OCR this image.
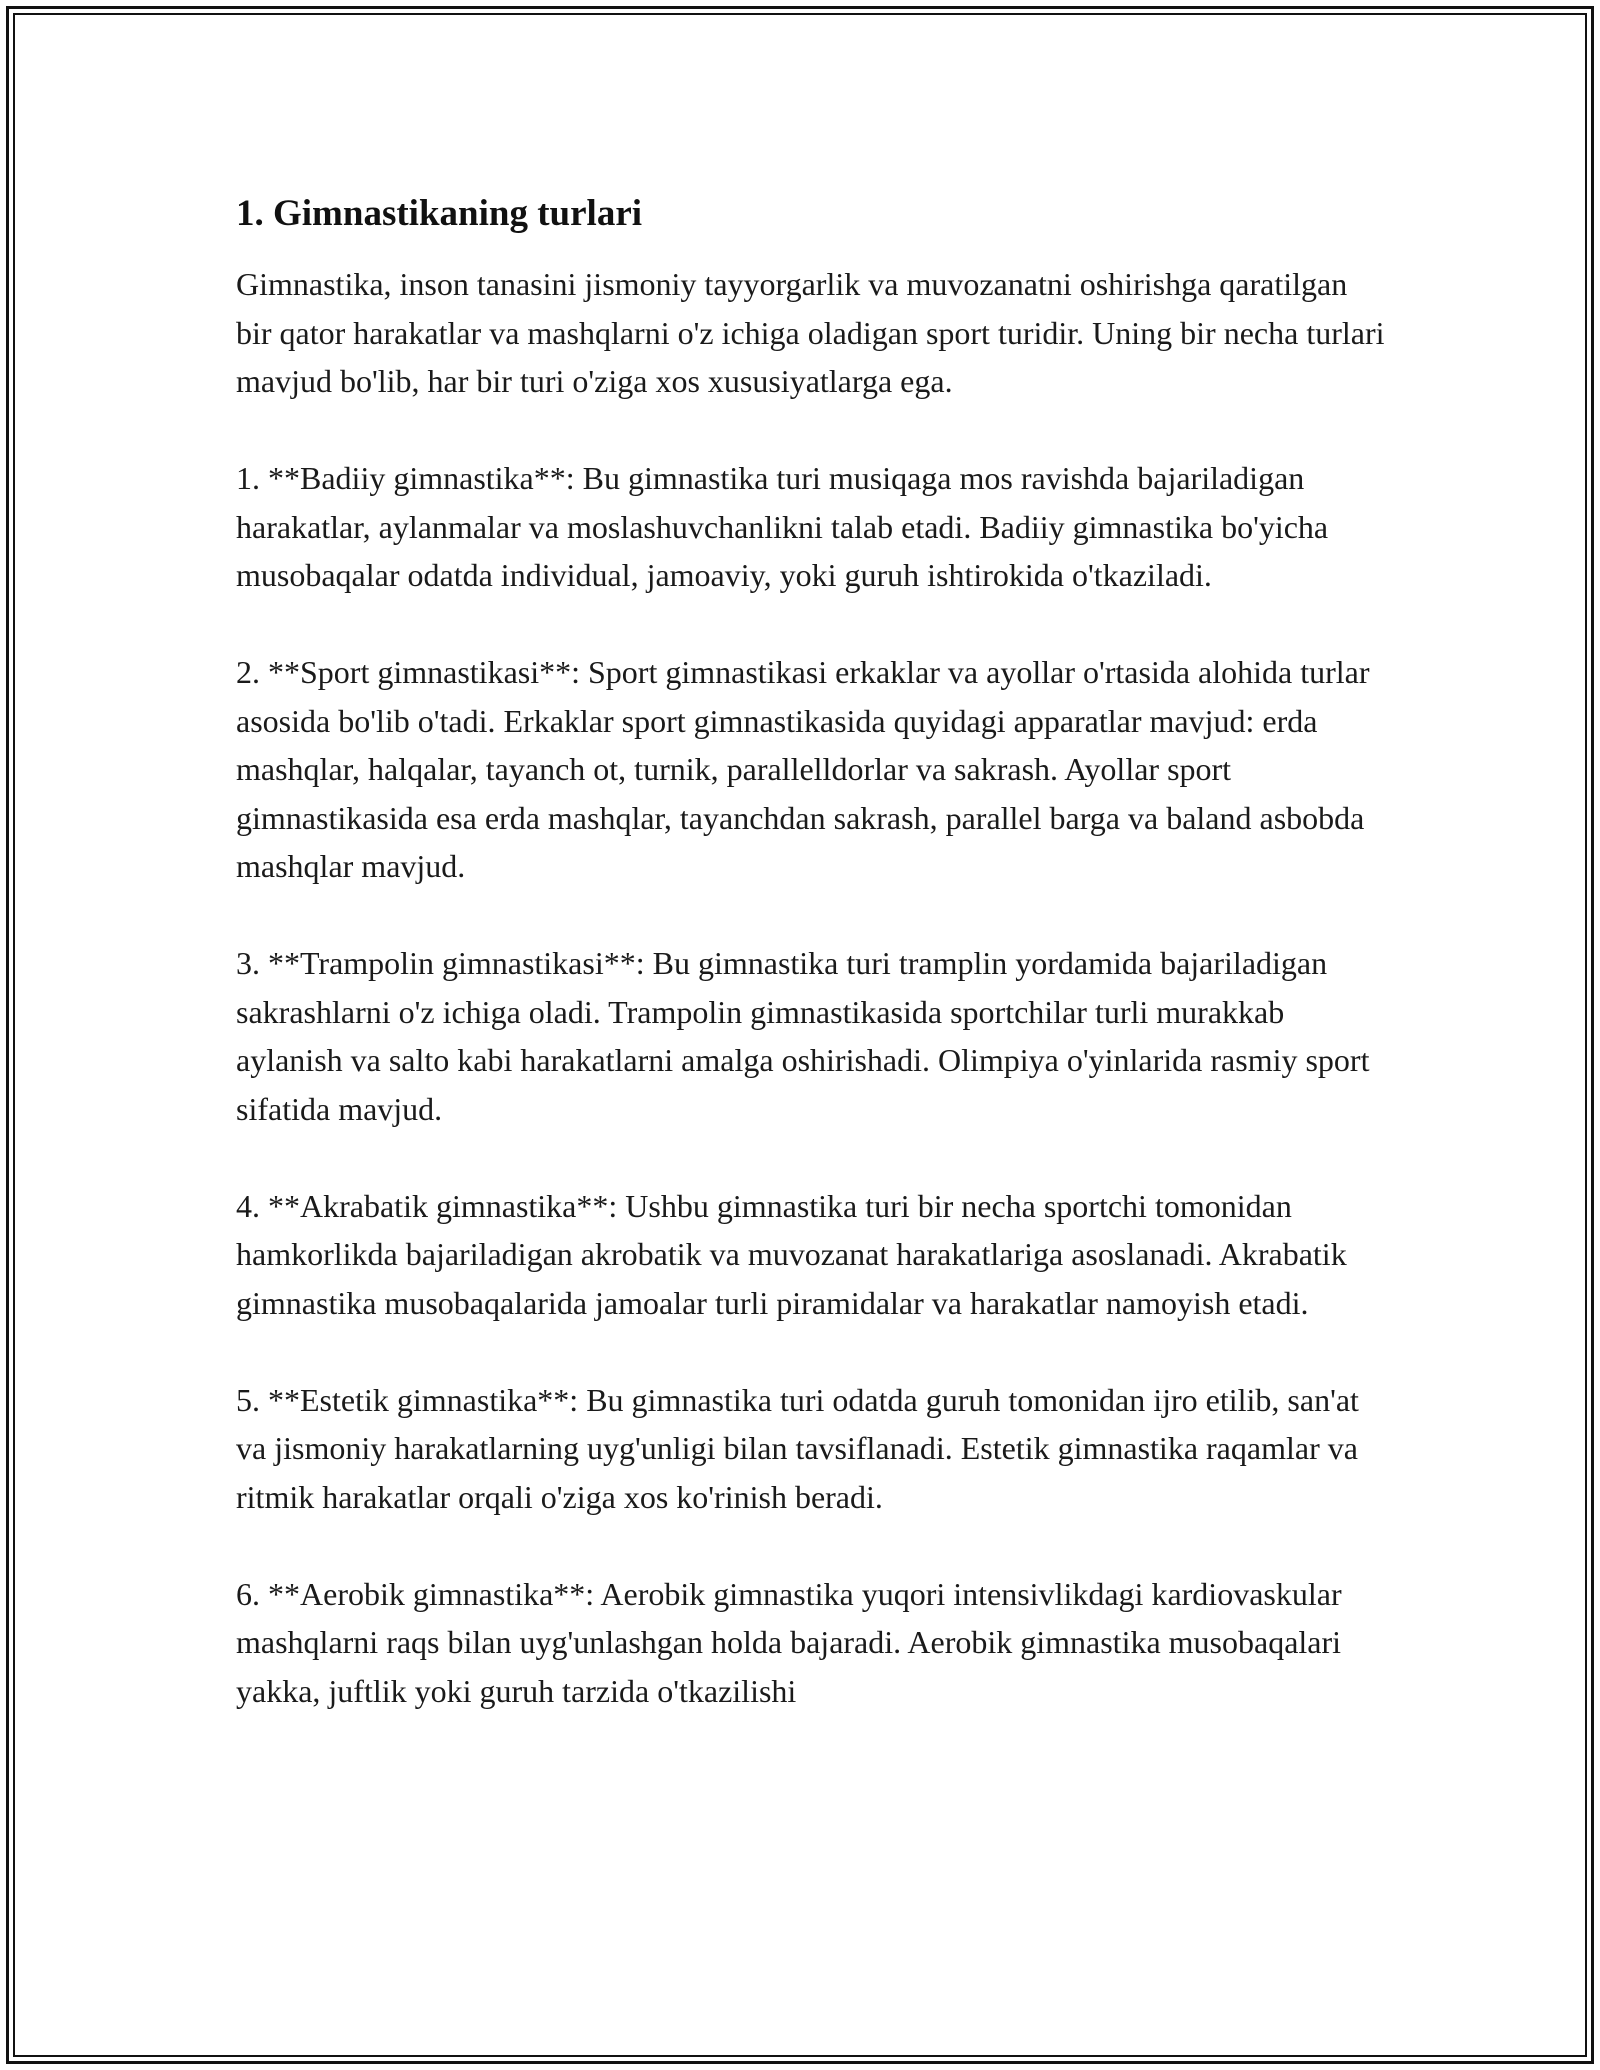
1. Gimnastikaning turlari

Gimnastika, inson tanasini jismoniy tayyorgarlik va muvozanatni oshirishga qaratilgan bir qator harakatlar va mashqlarni o'z ichiga oladigan sport turidir. Uning bir necha turlari mavjud bo'lib, har bir turi o'ziga xos xususiyatlarga ega.

1. **Badiiy gimnastika**: Bu gimnastika turi musiqaga mos ravishda bajariladigan harakatlar, aylanmalar va moslashuvchanlikni talab etadi. Badiiy gimnastika bo'yicha musobaqalar odatda individual, jamoaviy, yoki guruh ishtirokida o'tkaziladi.

2. **Sport gimnastikasi**: Sport gimnastikasi erkaklar va ayollar o'rtasida alohida turlar asosida bo'lib o'tadi. Erkaklar sport gimnastikasida quyidagi apparatlar mavjud: erda mashqlar, halqalar, tayanch ot, turnik, parallelldorlar va sakrash. Ayollar sport gimnastikasida esa erda mashqlar, tayanchdan sakrash, parallel barga va baland asbobda mashqlar mavjud.

3. **Trampolin gimnastikasi**: Bu gimnastika turi tramplin yordamida bajariladigan sakrashlarni o'z ichiga oladi. Trampolin gimnastikasida sportchilar turli murakkab aylanish va salto kabi harakatlarni amalga oshirishadi. Olimpiya o'yinlarida rasmiy sport sifatida mavjud.

4. **Akrabatik gimnastika**: Ushbu gimnastika turi bir necha sportchi tomonidan hamkorlikda bajariladigan akrobatik va muvozanat harakatlariga asoslanadi. Akrabatik gimnastika musobaqalarida jamoalar turli piramidalar va harakatlar namoyish etadi.

5. **Estetik gimnastika**: Bu gimnastika turi odatda guruh tomonidan ijro etilib, san'at va jismoniy harakatlarning uyg'unligi bilan tavsiflanadi. Estetik gimnastika raqamlar va ritmik harakatlar orqali o'ziga xos ko'rinish beradi.

6. **Aerobik gimnastika**: Aerobik gimnastika yuqori intensivlikdagi kardiovaskular mashqlarni raqs bilan uyg'unlashgan holda bajaradi. Aerobik gimnastika musobaqalari yakka, juftlik yoki guruh tarzida o'tkazilishi
